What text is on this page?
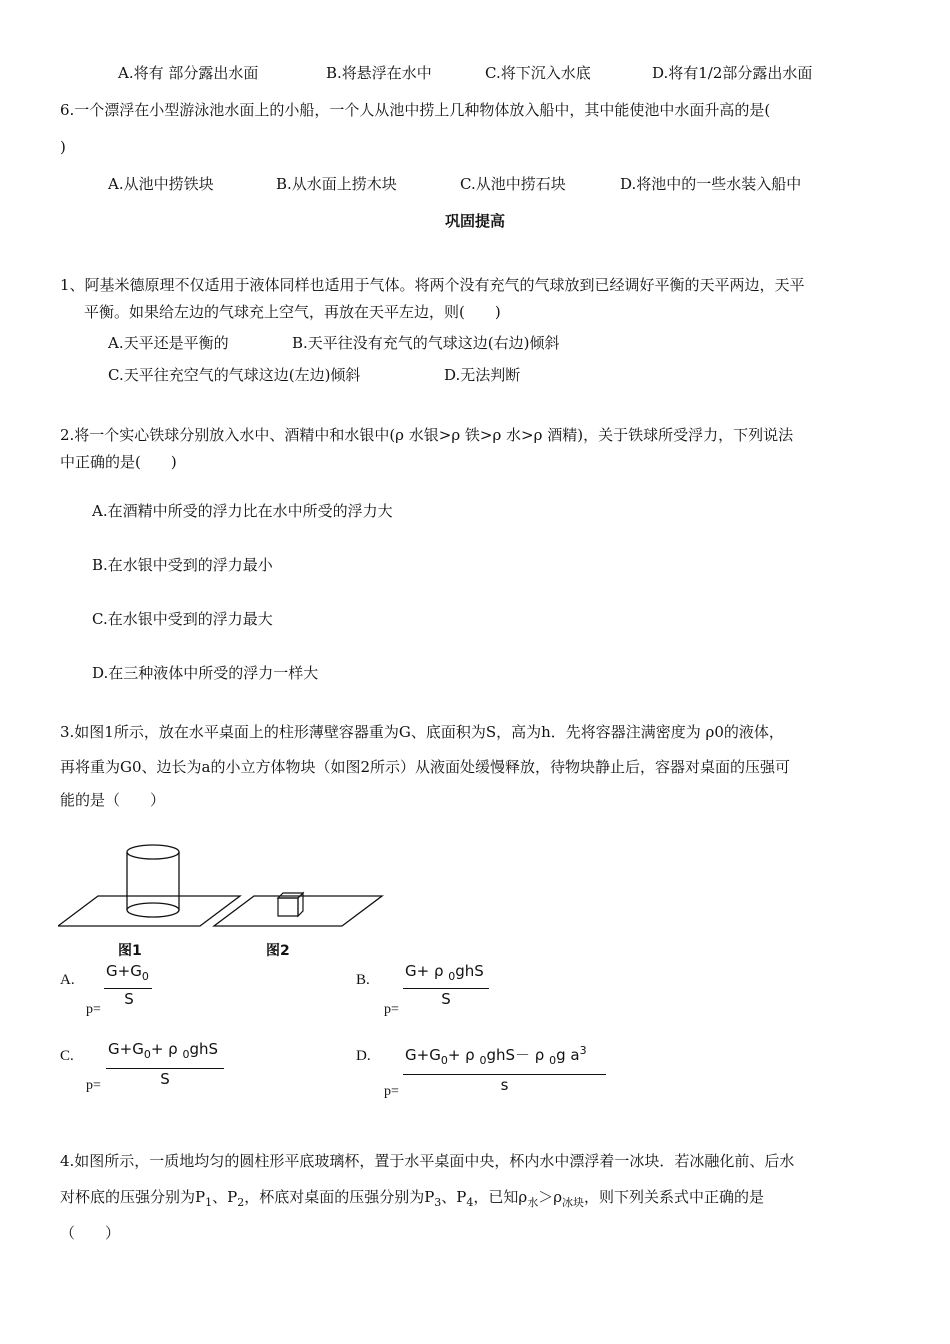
A.将有 部分露出水面	B.将悬浮在水中	C.将下沉入水底	D.将有1/2部分露出水面
6.一个漂浮在小型游泳池水面上的小船，一个人从池中捞上几种物体放入船中，其中能使池中水面升高的是(
)
A.从池中捞铁块	B.从水面上捞木块	C.从池中捞石块	D.将池中的一些水装入船中
巩固提高
1、阿基米德原理不仅适用于液体同样也适用于气体。将两个没有充气的气球放到已经调好平衡的天平两边，天平
平衡。如果给左边的气球充上空气，再放在天平左边，则(　　)
A.天平还是平衡的	B.天平往没有充气的气球这边(右边)倾斜
C.天平往充空气的气球这边(左边)倾斜	D.无法判断
2.将一个实心铁球分别放入水中、酒精中和水银中(ρ 水银>ρ 铁>ρ 水>ρ 酒精)，关于铁球所受浮力，下列说法
中正确的是(　　)
A.在酒精中所受的浮力比在水中所受的浮力大
B.在水银中受到的浮力最小
C.在水银中受到的浮力最大
D.在三种液体中所受的浮力一样大
3.如图1所示，放在水平桌面上的柱形薄壁容器重为G、底面积为S，高为h．先将容器注满密度为 ρ0的液体，
再将重为G0、边长为a的小立方体物块（如图2所示）从液面处缓慢释放，待物块静止后，容器对桌面的压强可
能的是（　　）
图1	图2
A. $G+G_0$
S
p=
B. G+ ρ $_0$ghS
S
p=
C. $G+G_0+ \rho$ $_0$ghS
S
p=
D. $G+G_0+ \rho$ $_0$ghS－ ρ $_0$g $a^3$
s
p=
4.如图所示，一质地均匀的圆柱形平底玻璃杯，置于水平桌面中央，杯内水中漂浮着一冰块．若冰融化前、后水
对杯底的压强分别为$P_1$、$P_2$，杯底对桌面的压强分别为$P_3$、$P_4$，已知$\rho_水>\rho_{冰块}$，则下列关系式中正确的是
（　　）
